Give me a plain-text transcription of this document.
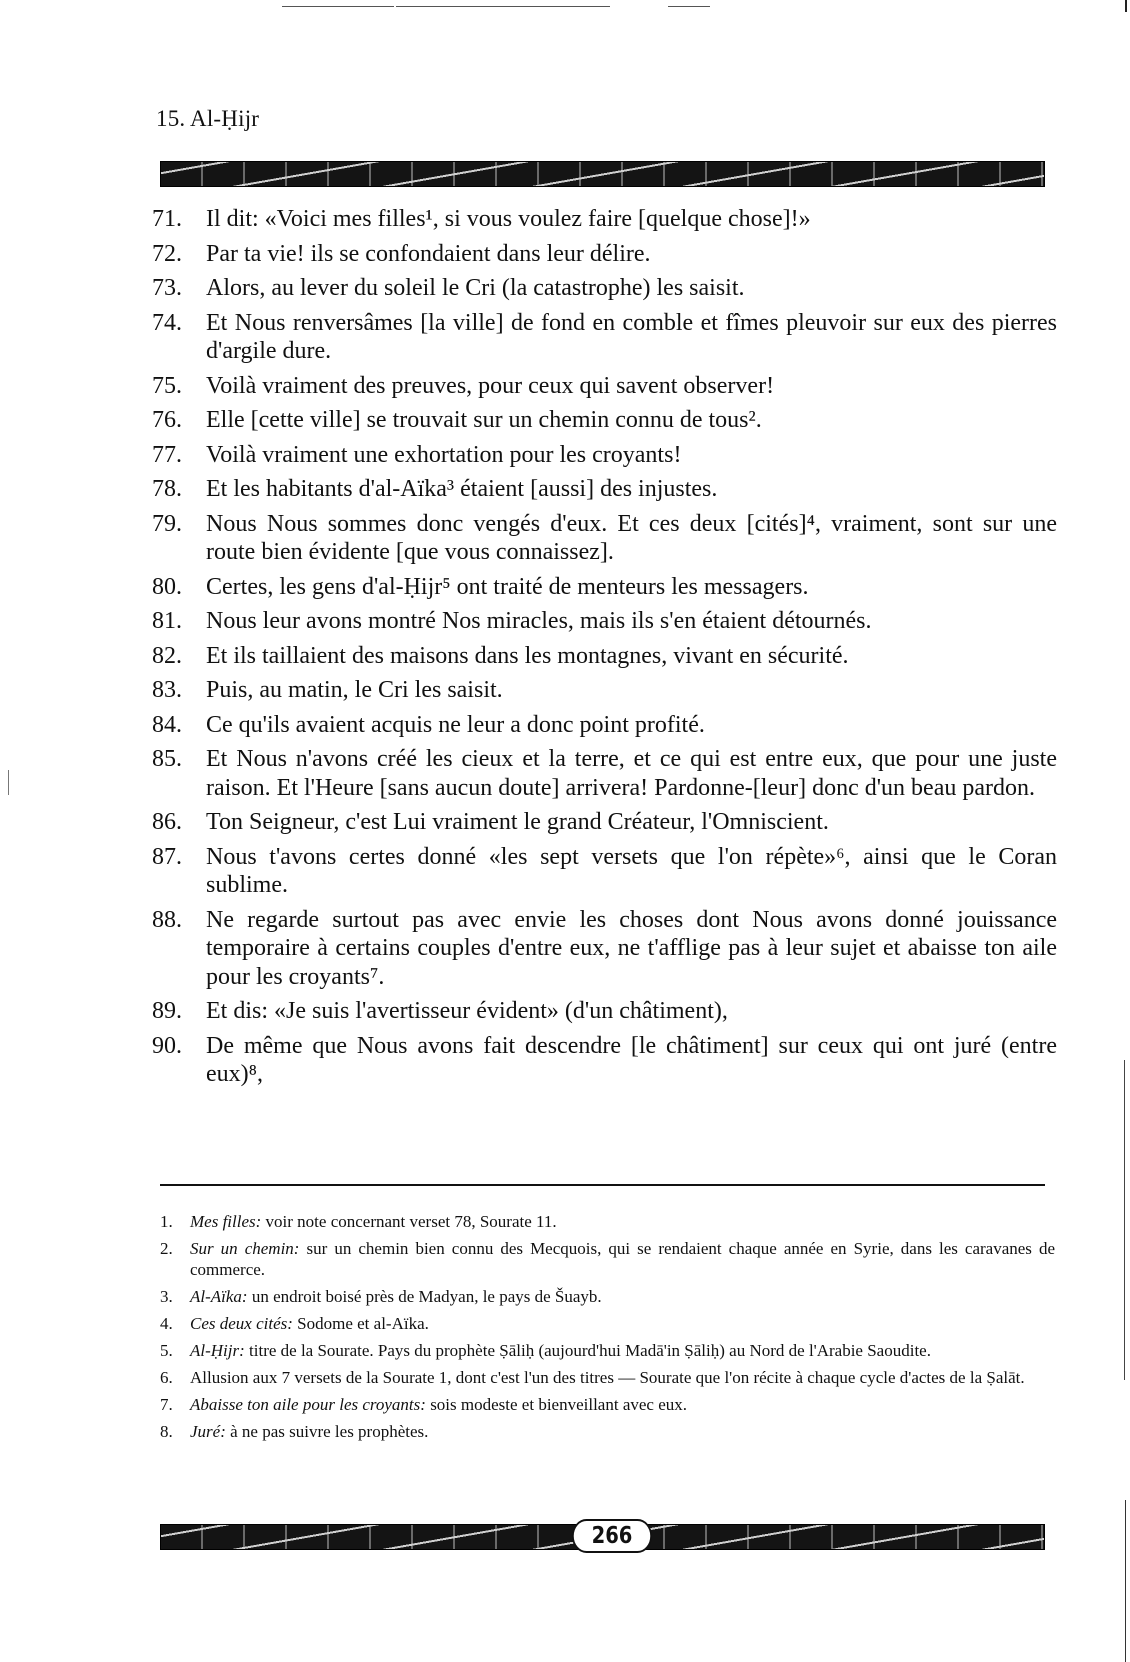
15. Al-Ḥijr
71.	Il dit: «Voici mes filles¹, si vous voulez faire [quelque chose]!»
72.	Par ta vie! ils se confondaient dans leur délire.
73.	Alors, au lever du soleil le Cri (la catastrophe) les saisit.
74.	Et Nous renversâmes [la ville] de fond en comble et fîmes pleuvoir sur eux des pierres d'argile dure.
75.	Voilà vraiment des preuves, pour ceux qui savent observer!
76.	Elle [cette ville] se trouvait sur un chemin connu de tous².
77.	Voilà vraiment une exhortation pour les croyants!
78.	Et les habitants d'al-Aïka³ étaient [aussi] des injustes.
79.	Nous Nous sommes donc vengés d'eux. Et ces deux [cités]⁴, vraiment, sont sur une route bien évidente [que vous connaissez].
80.	Certes, les gens d'al-Ḥijr⁵ ont traité de menteurs les messagers.
81.	Nous leur avons montré Nos miracles, mais ils s'en étaient détournés.
82.	Et ils taillaient des maisons dans les montagnes, vivant en sécurité.
83.	Puis, au matin, le Cri les saisit.
84.	Ce qu'ils avaient acquis ne leur a donc point profité.
85.	Et Nous n'avons créé les cieux et la terre, et ce qui est entre eux, que pour une juste raison. Et l'Heure [sans aucun doute] arrivera! Pardonne-[leur] donc d'un beau pardon.
86.	Ton Seigneur, c'est Lui vraiment le grand Créateur, l'Omniscient.
87.	Nous t'avons certes donné «les sept versets que l'on répète»⁶, ainsi que le Coran sublime.
88.	Ne regarde surtout pas avec envie les choses dont Nous avons donné jouissance temporaire à certains couples d'entre eux, ne t'afflige pas à leur sujet et abaisse ton aile pour les croyants⁷.
89.	Et dis: «Je suis l'avertisseur évident» (d'un châtiment),
90.	De même que Nous avons fait descendre [le châtiment] sur ceux qui ont juré (entre eux)⁸,
1.	Mes filles: voir note concernant verset 78, Sourate 11.
2.	Sur un chemin: sur un chemin bien connu des Mecquois, qui se rendaient chaque année en Syrie, dans les caravanes de commerce.
3.	Al-Aïka: un endroit boisé près de Madyan, le pays de Šuayb.
4.	Ces deux cités: Sodome et al-Aïka.
5.	Al-Ḥijr: titre de la Sourate. Pays du prophète Ṣāliḥ (aujourd'hui Madā'in Ṣāliḥ) au Nord de l'Arabie Saoudite.
6.	Allusion aux 7 versets de la Sourate 1, dont c'est l'un des titres — Sourate que l'on récite à chaque cycle d'actes de la Ṣalāt.
7.	Abaisse ton aile pour les croyants: sois modeste et bienveillant avec eux.
8.	Juré: à ne pas suivre les prophètes.
266
